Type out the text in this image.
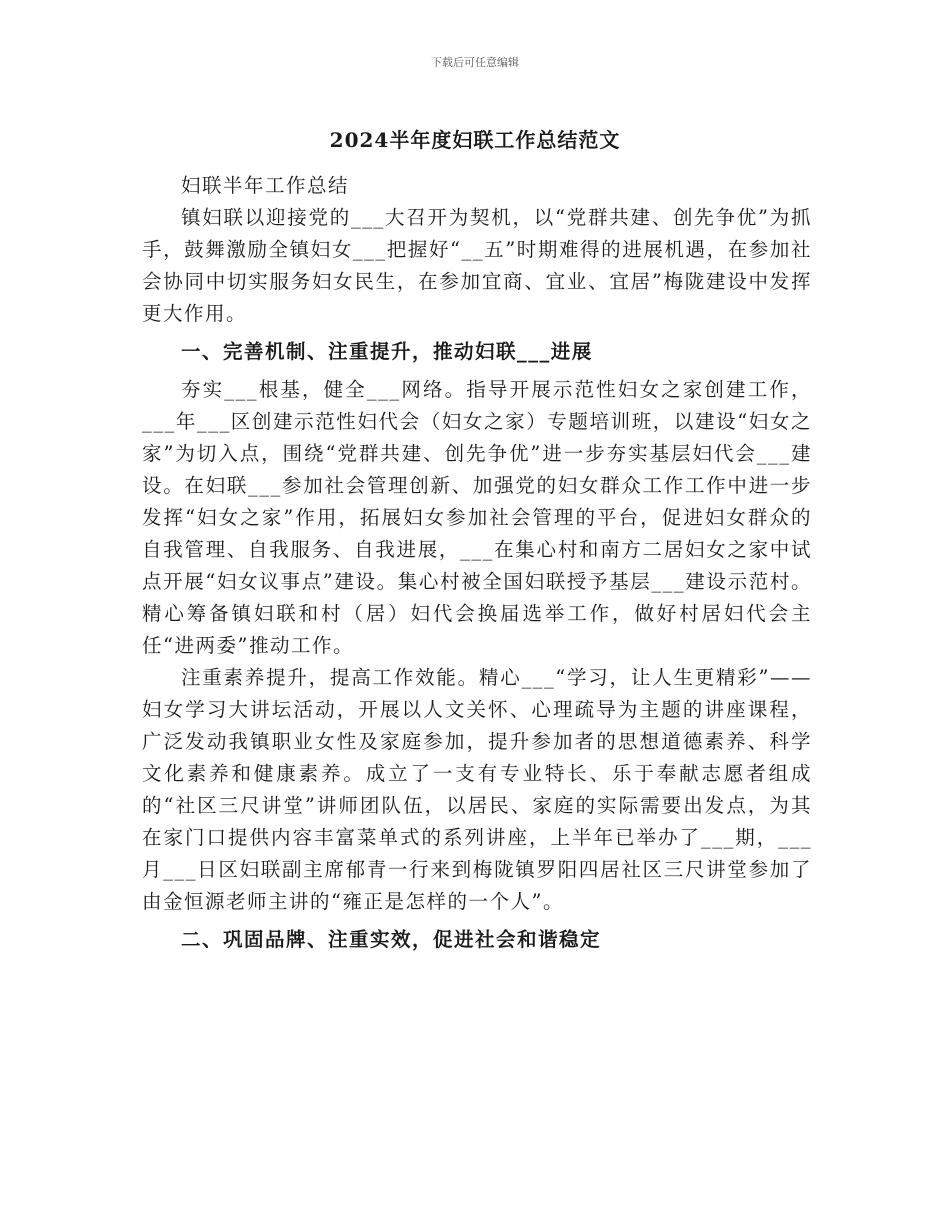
下载后可任意编辑
2024半年度妇联工作总结范文

妇联半年工作总结

镇妇联以迎接党的___大召开为契机，以“党群共建、创先争优”为抓手，鼓舞激励全镇妇女___把握好“__五”时期难得的进展机遇，在参加社会协同中切实服务妇女民生，在参加宜商、宜业、宜居”梅陇建设中发挥更大作用。

一、完善机制、注重提升，推动妇联___进展

夯实___根基，健全___网络。指导开展示范性妇女之家创建工作，___年___区创建示范性妇代会（妇女之家）专题培训班，以建设“妇女之家”为切入点，围绕“党群共建、创先争优”进一步夯实基层妇代会___建设。在妇联___参加社会管理创新、加强党的妇女群众工作工作中进一步发挥“妇女之家”作用，拓展妇女参加社会管理的平台，促进妇女群众的自我管理、自我服务、自我进展，___在集心村和南方二居妇女之家中试点开展“妇女议事点”建设。集心村被全国妇联授予基层___建设示范村。精心筹备镇妇联和村（居）妇代会换届选举工作，做好村居妇代会主任“进两委”推动工作。

注重素养提升，提高工作效能。精心___“学习，让人生更精彩”——妇女学习大讲坛活动，开展以人文关怀、心理疏导为主题的讲座课程，广泛发动我镇职业女性及家庭参加，提升参加者的思想道德素养、科学文化素养和健康素养。成立了一支有专业特长、乐于奉献志愿者组成的“社区三尺讲堂”讲师团队伍，以居民、家庭的实际需要出发点，为其在家门口提供内容丰富菜单式的系列讲座，上半年已举办了___期，___月___日区妇联副主席郁青一行来到梅陇镇罗阳四居社区三尺讲堂参加了由金恒源老师主讲的“雍正是怎样的一个人”。

二、巩固品牌、注重实效，促进社会和谐稳定
